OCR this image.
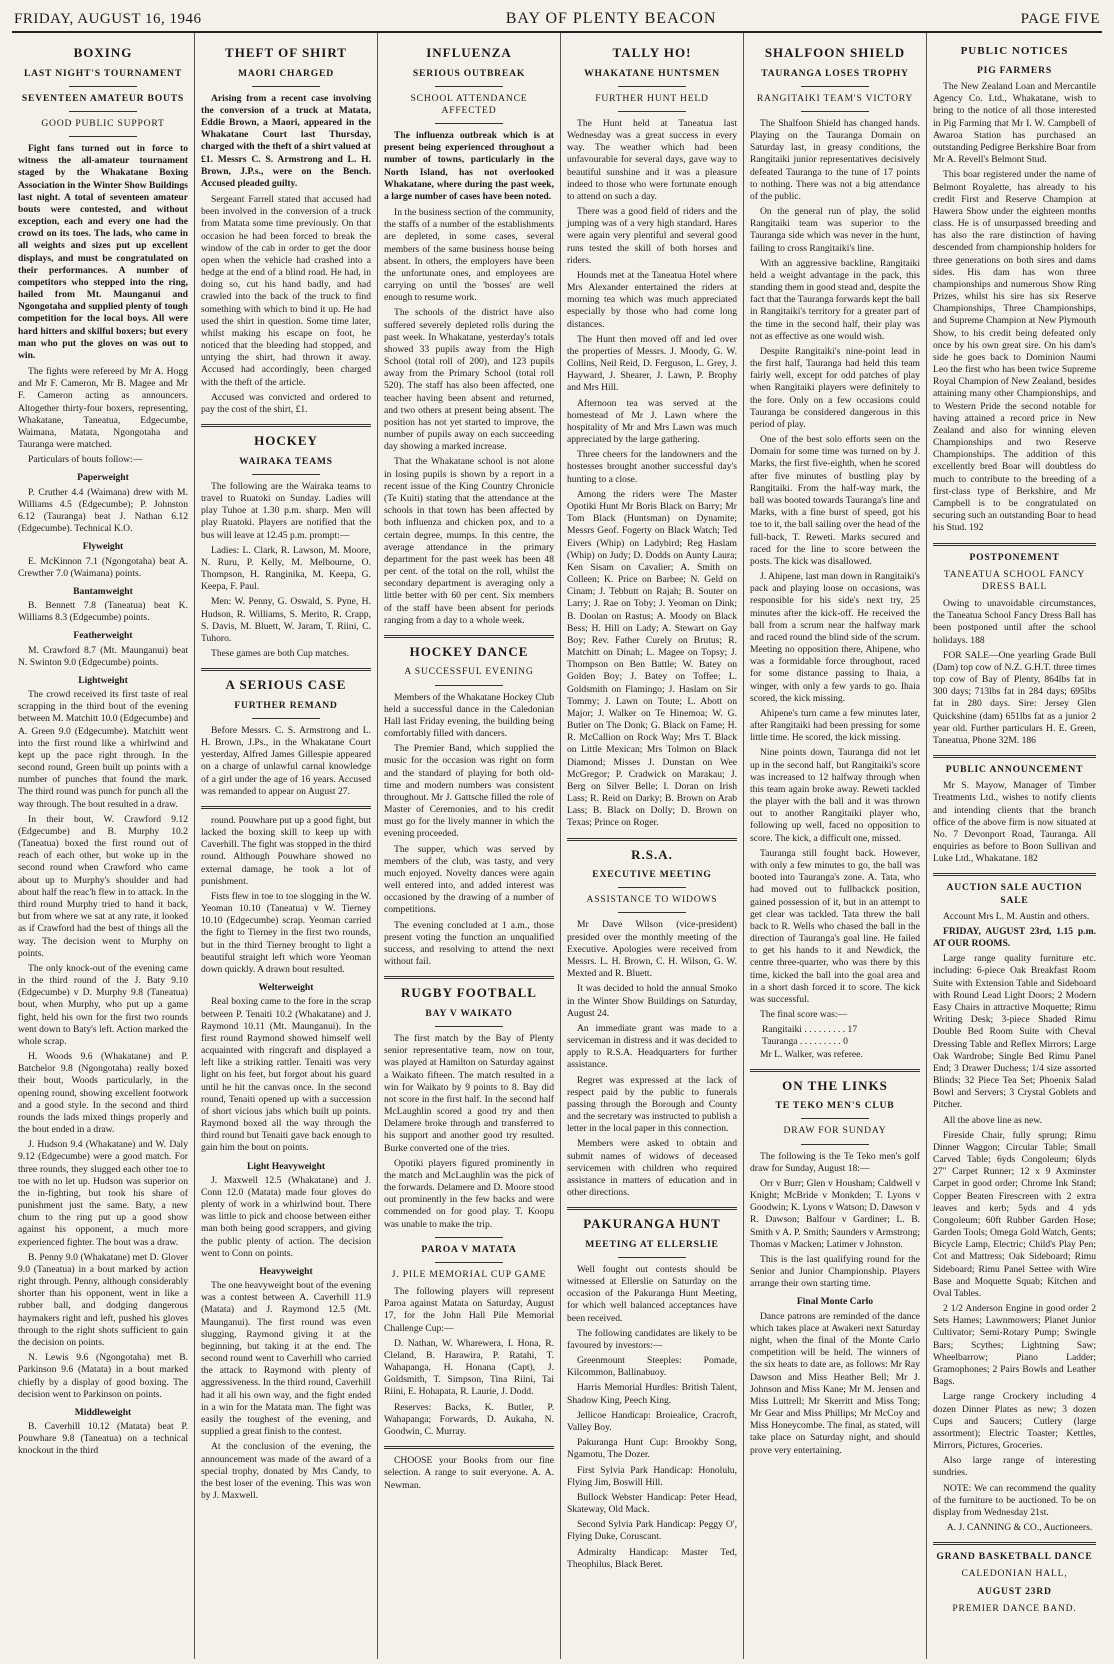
FRIDAY, AUGUST 16, 1946	BAY OF PLENTY BEACON	PAGE FIVE
BOXING
LAST NIGHT'S TOURNAMENT
SEVENTEEN AMATEUR BOUTS
GOOD PUBLIC SUPPORT

Fight fans turned out in force to witness the all-amateur tournament staged by the Whakatane Boxing Association in the Winter Show Buildings last night. A total of seventeen amateur bouts were contested, and without exception, each and every one had the crowd on its toes. The lads, who came in all weights and sizes put up excellent displays, and must be congratulated on their performances. A number of competitors who stepped into the ring, hailed from Mt. Maunganui and Ngongotaha and supplied plenty of tough competition for the local boys. All were hard hitters and skilful boxers; but every man who put the gloves on was out to win.

The fights were refereed by Mr A. Hogg and Mr F. Cameron, Mr B. Magee and Mr F. Cameron acting as announcers. Altogether thirty-four boxers, representing, Whakatane, Taneatua, Edgecumbe, Waimana, Matata, Ngongotaha and Tauranga were matched.

Particulars of bouts follow:—

Paperweight

P. Cruther 4.4 (Waimana) drew with M. Williams 4.5 (Edgecumbe); P. Johnston 6.12 (Tauranga) beat J. Nathan 6.12 (Edgecumbe). Technical K.O.

Flyweight

E. McKinnon 7.1 (Ngongotaha) beat A. Crewther 7.0 (Waimana) points.

Bantamweight

B. Bennett 7.8 (Taneatua) beat K. Williams 8.3 (Edgecumbe) points.

Featherweight

M. Crawford 8.7 (Mt. Maunganui) beat N. Swinton 9.0 (Edgecumbe) points.

Lightweight

The crowd received its first taste of real scrapping in the third bout of the evening between M. Matchitt 10.0 (Edgecumbe) and A. Green 9.0 (Edgecumbe). Matchitt went into the first round like a whirlwind and kept up the pace right through. In the second round, Green built up points with a number of punches that found the mark. The third round was punch for punch all the way through. The bout resulted in a draw.

In their bout, W. Crawford 9.12 (Edgecumbe) and B. Murphy 10.2 (Taneatua) boxed the first round out of reach of each other, but woke up in the second round when Crawford who came about up to Murphy's shoulder and had about half the reac'h flew in to attack. In the third round Murphy tried to hand it back, but from where we sat at any rate, it looked as if Crawford had the best of things all the way. The decision went to Murphy on points.

The only knock-out of the evening came in the third round of the J. Baty 9.10 (Edgecumbe) v D. Murphy 9.8 (Taneatua) bout, when Murphy, who put up a game fight, held his own for the first two rounds went down to Baty's left. Action marked the whole scrap.

H. Woods 9.6 (Whakatane) and P. Batchelor 9.8 (Ngongotaha) really boxed their bout, Woods particularly, in the opening round, showing excellent footwork and a good style. In the second and third rounds the lads mixed things properly and the bout ended in a draw.

J. Hudson 9.4 (Whakatane) and W. Daly 9.12 (Edgecumbe) were a good match. For three rounds, they slugged each other toe to toe with no let up. Hudson was superior on the in-fighting, but took his share of punishment just the same. Baty, a new chum to the ring put up a good show against his opponent, a much more experienced fighter. The bout was a draw.

B. Penny 9.0 (Whakatane) met D. Glover 9.0 (Taneatua) in a bout marked by action right through. Penny, although considerably shorter than his opponent, went in like a rubber ball, and dodging dangerous haymakers right and left, pushed his gloves through to the right shots sufficient to gain the decision on points.

N. Lewis 9.6 (Ngongotaha) met B. Parkinson 9.6 (Matata) in a bout marked chiefly by a display of good boxing. The decision went to Parkinson on points.

Middleweight

B. Caverhill 10.12 (Matata) beat P. Pouwhare 9.8 (Taneatua) on a technical knockout in the third

THEFT OF SHIRT
MAORI CHARGED

Arising from a recent case involving the conversion of a truck at Matata, Eddie Brown, a Maori, appeared in the Whakatane Court last Thursday, charged with the theft of a shirt valued at £1. Messrs C. S. Armstrong and L. H. Brown, J.P.s., were on the Bench. Accused pleaded guilty.

Sergeant Farrell stated that accused had been involved in the conversion of a truck from Matata some time previously. On that occasion he had been forced to break the window of the cab in order to get the door open when the vehicle had crashed into a hedge at the end of a blind road. He had, in doing so, cut his hand badly, and had crawled into the back of the truck to find something with which to bind it up. He had used the shirt in question. Some time later, whilst making his escape on foot, he noticed that the bleeding had stopped, and untying the shirt, had thrown it away. Accused had accordingly, been charged with the theft of the article.

Accused was convicted and ordered to pay the cost of the shirt, £1.

HOCKEY
WAIRAKA TEAMS

The following are the Wairaka teams to travel to Ruatoki on Sunday. Ladies will play Tuhoe at 1.30 p.m. sharp. Men will play Ruatoki. Players are notified that the bus will leave at 12.45 p.m. prompt:—

Ladies: L. Clark, R. Lawson, M. Moore, N. Ruru, P. Kelly, M. Melbourne, O. Thompson, H. Ranginika, M. Keepa, G. Keepa, F. Paul.

Men: W. Penny, G. Oswald, S. Pyne, H. Hudson, R. Williams, S. Merito, R. Crapp, S. Davis, M. Bluett, W. Jaram, T. Riini, C. Tuhoro.

These games are both Cup matches.

A SERIOUS CASE
FURTHER REMAND

Before Messrs. C. S. Armstrong and L. H. Brown, J.Ps., in the Whakatane Court yesterday, Alfred James Gillespie appeared on a charge of unlawful carnal knowledge of a girl under the age of 16 years. Accused was remanded to appear on August 27.

round. Pouwhare put up a good fight, but lacked the boxing skill to keep up with Caverhill. The fight was stopped in the third round. Although Pouwhare showed no external damage, he took a lot of punishment.

Fists flew in toe to toe slogging in the W. Yeoman 10.10 (Taneatua) v W. Tierney 10.10 (Edgecumbe) scrap. Yeoman carried the fight to Tierney in the first two rounds, but in the third Tierney brought to light a beautiful straight left which wore Yeoman down quickly. A drawn bout resulted.

Welterweight

Real boxing came to the fore in the scrap between P. Tenaiti 10.2 (Whakatane) and J. Raymond 10.11 (Mt. Maunganui). In the first round Raymond showed himself well acquainted with ringcraft and displayed a left like a striking rattler. Tenaiti was very light on his feet, but forgot about his guard until he hit the canvas once. In the second round, Tenaiti opened up with a succession of short vicious jabs which built up points. Raymond boxed all the way through the third round but Tenaiti gave back enough to gain him the bout on points.

Light Heavyweight

J. Maxwell 12.5 (Whakatane) and J. Conn 12.0 (Matata) made four gloves do plenty of work in a whirlwind bout. There was little to pick and choose between either man both being good scrappers, and giving the public plenty of action. The decision went to Conn on points.

Heavyweight

The one heavyweight bout of the evening was a contest between A. Caverhill 11.9 (Matata) and J. Raymond 12.5 (Mt. Maunganui). The first round was even slugging, Raymond giving it at the beginning, but taking it at the end. The second round went to Caverhill who carried the attack to Raymond with plenty of aggressiveness. In the third round, Caverhill had it all his own way, and the fight ended in a win for the Matata man. The fight was easily the toughest of the evening, and supplied a great finish to the contest.

At the conclusion of the evening, the announcement was made of the award of a special trophy, donated by Mrs Candy, to the best loser of the evening. This was won by J. Maxwell.

INFLUENZA
SERIOUS OUTBREAK
SCHOOL ATTENDANCE AFFECTED

The influenza outbreak which is at present being experienced throughout a number of towns, particularly in the North Island, has not overlooked Whakatane, where during the past week, a large number of cases have been noted.

In the business section of the community, the staffs of a number of the establishments are depleted, in some cases, several members of the same business house being absent. In others, the employers have been the unfortunate ones, and employees are carrying on until the 'bosses' are well enough to resume work.

The schools of the district have also suffered severely depleted rolls during the past week. In Whakatane, yesterday's totals showed 33 pupils away from the High School (total roll of 200), and 123 pupils away from the Primary School (total roll 520). The staff has also been affected, one teacher having been absent and returned, and two others at present being absent. The position has not yet started to improve, the number of pupils away on each succeeding day showing a marked increase.

That the Whakatane school is not alone in losing pupils is shown by a report in a recent issue of the King Country Chronicle (Te Kuiti) stating that the attendance at the schools in that town has been affected by both influenza and chicken pox, and to a certain degree, mumps. In this centre, the average attendance in the primary department for the past week has been 48 per cent. of the total on the roll, whilst the secondary department is averaging only a little better with 60 per cent. Six members of the staff have been absent for periods ranging from a day to a whole week.

HOCKEY DANCE
A SUCCESSFUL EVENING

Members of the Whakatane Hockey Club held a successful dance in the Caledonian Hall last Friday evening, the building being comfortably filled with dancers.

The Premier Band, which supplied the music for the occasion was right on form and the standard of playing for both old-time and modern numbers was consistent throughout. Mr J. Gattsche filled the role of Master of Ceremonies, and to his credit must go for the lively manner in which the evening proceeded.

The supper, which was served by members of the club, was tasty, and very much enjoyed. Novelty dances were again well entered into, and added interest was occasioned by the drawing of a number of competitions.

The evening concluded at 1 a.m., those present voting the function an unqualified success, and resolving to attend the next without fail.

RUGBY FOOTBALL
BAY V WAIKATO

The first match by the Bay of Plenty senior representative team, now on tour, was played at Hamilton on Saturday against a Waikato fifteen. The match resulted in a win for Waikato by 9 points to 8. Bay did not score in the first half. In the second half McLaughlin scored a good try and then Delamere broke through and transferred to his support and another good try resulted. Burke converted one of the tries.

Opotiki players figured prominently in the match and McLaughlin was the pick of the forwards. Delamere and D. Moore stood out prominently in the few backs and were commended on for good play. T. Koopu was unable to make the trip.

PAROA V MATATA
J. PILE MEMORIAL CUP GAME

The following players will represent Paroa against Matata on Saturday, August 17, for the John Hall Pile Memorial Challenge Cup:—

D. Nathan, W. Wharewera, I. Hona, R. Cleland, B. Harawira, P. Ratahi, T. Wahapanga, H. Honana (Capt), J. Goldsmith, T. Simpson, Tina Riini, Tai Riini, E. Hohapata, R. Laurie, J. Dodd.

Reserves: Backs, K. Butler, P. Wahapanga; Forwards, D. Aukaha, N. Goodwin, C. Murray.

CHOOSE your Books from our fine selection. A range to suit everyone. A. A. Newman.

TALLY HO!
WHAKATANE HUNTSMEN
FURTHER HUNT HELD

The Hunt held at Taneatua last Wednesday was a great success in every way. The weather which had been unfavourable for several days, gave way to beautiful sunshine and it was a pleasure indeed to those who were fortunate enough to attend on such a day.

There was a good field of riders and the jumping was of a very high standard. Hares were again very plentiful and several good runs tested the skill of both horses and riders.

Hounds met at the Taneatua Hotel where Mrs Alexander entertained the riders at morning tea which was much appreciated especially by those who had come long distances.

The Hunt then moved off and led over the properties of Messrs. J. Moody, G. W. Collins, Neil Reid, D. Ferguson, L. Grey, J. Hayward, J. Shearer, J. Lawn, P. Brophy and Mrs Hill.

Afternoon tea was served at the homestead of Mr J. Lawn where the hospitality of Mr and Mrs Lawn was much appreciated by the large gathering.

Three cheers for the landowners and the hostesses brought another successful day's hunting to a close.

Among the riders were The Master Opotiki Hunt Mr Boris Black on Barry; Mr Tom Black (Huntsman) on Dynamite; Messrs Geof. Fogerty on Black Watch; Ted Eivers (Whip) on Ladybird; Reg Haslam (Whip) on Judy; D. Dodds on Aunty Laura; Ken Sisam on Cavalier; A. Smith on Colleen; K. Price on Barbee; N. Geld on Cinam; J. Tebbutt on Rajah; B. Souter on Larry; J. Rae on Toby; J. Yeoman on Dink; B. Doolan on Rastus; A. Moody on Black Bess; H. Hill on Lady; A. Stewart on Gay Boy; Rev. Father Curely on Brutus; R. Matchitt on Dinah; L. Magee on Topsy; J. Thompson on Ben Battle; W. Batey on Golden Boy; J. Batey on Toffee; L. Goldsmith on Flamingo; J. Haslam on Sir Tommy; J. Lawn on Toute; L. Abott on Major; J. Walker on Te Hinemoa; W. G. Butler on The Donk; G. Black on Fame; H. R. McCallion on Rock Way; Mrs T. Black on Little Mexican; Mrs Tolmon on Black Diamond; Misses J. Dunstan on Wee McGregor; P. Cradwick on Marakau; J. Berg on Silver Belle; I. Doran on Irish Lass; R. Reid on Darky; B. Brown on Arab Lass; B. Black on Dolly; D. Brown on Texas; Prince on Roger.

R.S.A.
EXECUTIVE MEETING
ASSISTANCE TO WIDOWS

Mr Dave Wilson (vice-president) presided over the monthly meeting of the Executive. Apologies were received from Messrs. L. H. Brown, C. H. Wilson, G. W. Mexted and R. Bluett.

It was decided to hold the annual Smoko in the Winter Show Buildings on Saturday, August 24.

An immediate grant was made to a serviceman in distress and it was decided to apply to R.S.A. Headquarters for further assistance.

Regret was expressed at the lack of respect paid by the public to funerals passing through the Borough and County and the secretary was instructed to publish a letter in the local paper in this connection.

Members were asked to obtain and submit names of widows of deceased servicemen with children who required assistance in matters of education and in other directions.

PAKURANGA HUNT
MEETING AT ELLERSLIE

Well fought out contests should be witnessed at Ellerslie on Saturday on the occasion of the Pakuranga Hunt Meeting, for which well balanced acceptances have been received.

The following candidates are likely to be favoured by investors:—

Greenmount Steeples: Pomade, Kilcommon, Ballinabuoy.

Harris Memorial Hurdles: British Talent, Shadow King, Peech King.

Jellicoe Handicap: Broiealice, Cracroft, Valley Boy.

Pakuranga Hunt Cup: Brookby Song, Ngamotu, The Dozer.

First Sylvia Park Handicap: Honolulu, Flying Jim, Boswill Hill.

Bullock Webster Handicap: Peter Head, Skateway, Old Mack.

Second Sylvia Park Handicap: Peggy O', Flying Duke, Coruscant.

Admiralty Handicap: Master Ted, Theophilus, Black Beret.

SHALFOON SHIELD
TAURANGA LOSES TROPHY
RANGITAIKI TEAM'S VICTORY

The Shalfoon Shield has changed hands. Playing on the Tauranga Domain on Saturday last, in greasy conditions, the Rangitaiki junior representatives decisively defeated Tauranga to the tune of 17 points to nothing. There was not a big attendance of the public.

On the general run of play, the solid Rangitaiki team was superior to the Tauranga side which was never in the hunt, failing to cross Rangitaiki's line.

With an aggressive backline, Rangitaiki held a weight advantage in the pack, this standing them in good stead and, despite the fact that the Tauranga forwards kept the ball in Rangitaiki's territory for a greater part of the time in the second half, their play was not as effective as one would wish.

Despite Rangitaiki's nine-point lead in the first half, Tauranga had held this team fairly well, except for odd patches of play when Rangitaiki players were definitely to the fore. Only on a few occasions could Tauranga be considered dangerous in this period of play.

One of the best solo efforts seen on the Domain for some time was turned on by J. Marks, the first five-eighth, when he scored after five minutes of bustling play by Rangitaiki. From the half-way mark, the ball was booted towards Tauranga's line and Marks, with a fine burst of speed, got his toe to it, the ball sailing over the head of the full-back, T. Reweti. Marks secured and raced for the line to score between the posts. The kick was disallowed.

J. Ahipene, last man down in Rangitaiki's pack and playing loose on occasions, was responsible for his side's next try, 25 minutes after the kick-off. He received the ball from a scrum near the halfway mark and raced round the blind side of the scrum. Meeting no opposition there, Ahipene, who was a formidable force throughout, raced for some distance passing to Ihaia, a winger, with only a few yards to go. Ihaia scored, the kick missing.

Ahipene's turn came a few minutes later, after Rangitaiki had been pressing for some little time. He scored, the kick missing.

Nine points down, Tauranga did not let up in the second half, but Rangitaiki's score was increased to 12 halfway through when this team again broke away. Reweti tackled the player with the ball and it was thrown out to another Rangitaiki player who, following up well, faced no opposition to score. The kick, a difficult one, missed.

Tauranga still fought back. However, with only a few minutes to go, the ball was booted into Tauranga's zone. A. Tata, who had moved out to fullbackck position, gained possession of it, but in an attempt to get clear was tackled. Tata threw the ball back to R. Wells who chased the ball in the direction of Tauranga's goal line. He failed to get his hands to it and Newdick, the centre three-quarter, who was there by this time, kicked the ball into the goal area and in a short dash forced it to score. The kick was successful.

The final score was:—

Rangitaiki . . . . . . . . . 17

Tauranga . . . . . . . . . 0

Mr L. Walker, was referee.

ON THE LINKS
TE TEKO MEN'S CLUB
DRAW FOR SUNDAY

The following is the Te Teko men's golf draw for Sunday, August 18:—

Orr v Burr; Glen v Housham; Caldwell v Knight; McBride v Monkden; T. Lyons v Goodwin; K. Lyons v Watson; D. Dawson v R. Dawson; Balfour v Gardiner; L. B. Smith v A. P. Smith; Saunders v Armstrong; Thomas v Macken; Latimer v Johnston.

This is the last qualifying round for the Senior and Junior Championship. Players arrange their own starting time.

Final Monte Carlo

Dance patrons are reminded of the dance which takes place at Awakeri next Saturday night, when the final of the Monte Carlo competition will be held. The winners of the six heats to date are, as follows: Mr Ray Dawson and Miss Heather Bell; Mr J. Johnson and Miss Kane; Mr M. Jensen and Miss Luttrell; Mr Skerritt and Miss Tong; Mr Gear and Miss Phillips; Mr McCoy and Miss Honeycombe. The final, as stated, will take place on Saturday night, and should prove very entertaining.

PUBLIC NOTICES
PIG FARMERS

The New Zealand Loan and Mercantile Agency Co. Ltd., Whakatane, wish to bring to the notice of all those interested in Pig Farming that Mr I. W. Campbell of Awaroa Station has purchased an outstanding Pedigree Berkshire Boar from Mr A. Revell's Belmont Stud.

This boar registered under the name of Belmont Royalette, has already to his credit First and Reserve Champion at Hawera Show under the eighteen months class. He is of unsurpassed breeding and has also the rare distinction of having descended from championship holders for three generations on both sires and dams sides. His dam has won three championships and numerous Show Ring Prizes, whilst his sire has six Reserve Championships, Three Championships, and Supreme Champion at New Plymouth Show, to his credit being defeated only once by his own great sire. On his dam's side he goes back to Dominion Naumi Leo the first who has been twice Supreme Royal Champion of New Zealand, besides attaining many other Championships, and to Western Pride the second notable for having attained a record price in New Zealand and also for winning eleven Championships and two Reserve Championships. The addition of this excellently bred Boar will doubtless do much to contribute to the breeding of a first-class type of Berkshire, and Mr Campbell is to be congratulated on securing such an outstanding Boar to head his Stud. 192

POSTPONEMENT
TANEATUA SCHOOL FANCY DRESS BALL

Owing to unavoidable circumstances, the Taneatua School Fancy Dress Ball has been postponed until after the school holidays. 188

FOR SALE—One yearling Grade Bull (Dam) top cow of N.Z. G.H.T. three times top cow of Bay of Plenty, 864lbs fat in 300 days; 713lbs fat in 284 days; 695lbs fat in 280 days. Sire: Jersey Glen Quickshine (dam) 651lbs fat as a junior 2 year old. Further particulars H. E. Green, Taneatua, Phone 32M. 186

PUBLIC ANNOUNCEMENT

Mr S. Mayow, Manager of Timber Treatments Ltd., wishes to notify clients and intending clients that the branch office of the above firm is now situated at No. 7 Devonport Road, Tauranga. All enquiries as before to Boon Sullivan and Luke Ltd., Whakatane. 182

AUCTION SALE AUCTION SALE

Account Mrs L. M. Austin and others.

FRIDAY, AUGUST 23rd, 1.15 p.m. AT OUR ROOMS.

Large range quality furniture etc. including: 6-piece Oak Breakfast Room Suite with Extension Table and Sideboard with Round Lead Light Doors; 2 Modern Easy Chairs in attractive Moquette; Rimu Writing Desk; 3-piece Shaded Rimu Double Bed Room Suite with Cheval Dressing Table and Reflex Mirrors; Large Oak Wardrobe; Single Bed Rimu Panel End; 3 Drawer Duchess; 1/4 size assorted Blinds; 32 Piece Tea Set; Phoenix Salad Bowl and Servers; 3 Crystal Goblets and Pitcher.

All the above line as new.

Fireside Chair, fully sprung; Rimu Dinner Waggon; Circular Table; Small Carved Table; 6yds Congoleum; 6lyds 27" Carpet Runner; 12 x 9 Axminster Carpet in good order; Chrome Ink Stand; Copper Beaten Firescreen with 2 extra leaves and kerb; 5yds and 4 yds Congoleum; 60ft Rubber Garden Hose; Garden Tools; Omega Gold Watch, Gents; Bicycle Lamp, Electric; Child's Play Pen; Cot and Mattress; Oak Sideboard; Rimu Sideboard; Rimu Panel Settee with Wire Base and Moquette Squab; Kitchen and Oval Tables.

2 1/2 Anderson Engine in good order 2 Sets Hames; Lawnmowers; Planet Junior Cultivator; Semi-Rotary Pump; Swingle Bars; Scythes; Lightning Saw; Wheelbarrow; Piano Ladder; Gramophones; 2 Pairs Bowls and Leather Bags.

Large range Crockery including 4 dozen Dinner Plates as new; 3 dozen Cups and Saucers; Cutlery (large assortment); Electric Toaster; Kettles, Mirrors, Pictures, Groceries.

Also large range of interesting sundries.

NOTE: We can recommend the quality of the furniture to be auctioned. To be on display from Wednesday 21st.

A. J. CANNING & CO., Auctioneers.

GRAND BASKETBALL DANCE
CALEDONIAN HALL,
AUGUST 23RD
PREMIER DANCE BAND.
